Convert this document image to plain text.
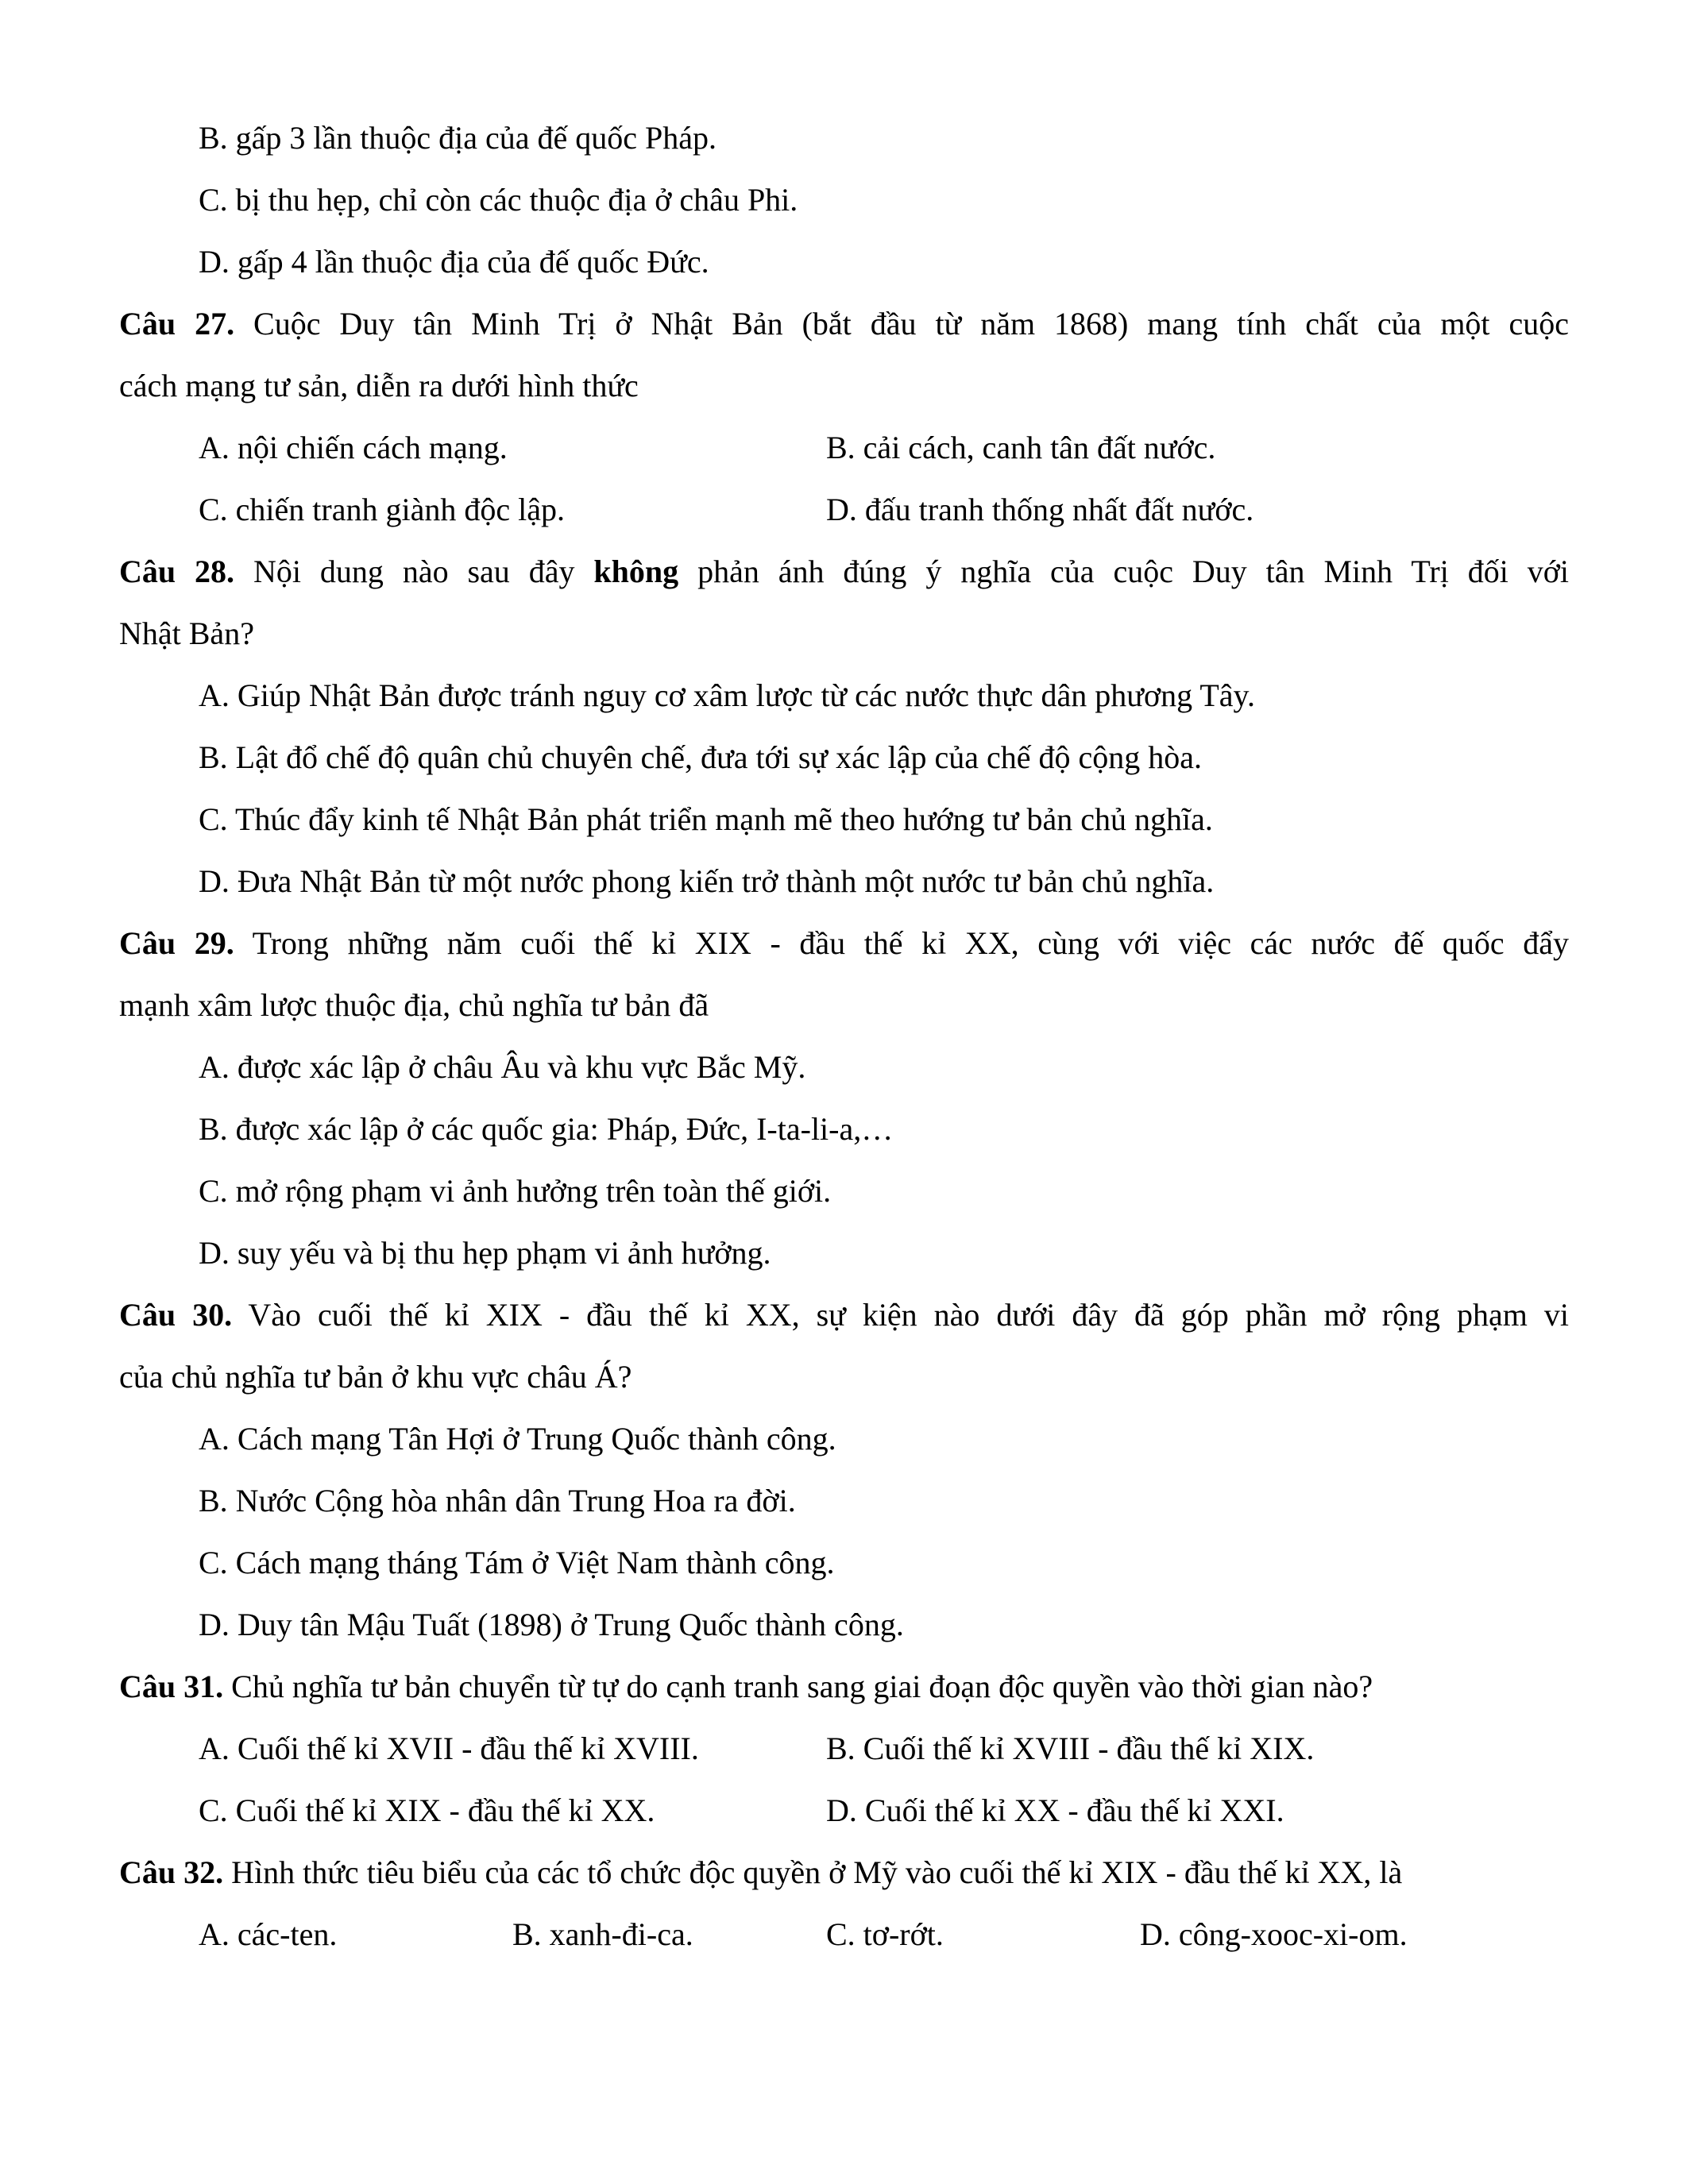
B. gấp 3 lần thuộc địa của đế quốc Pháp.
C. bị thu hẹp, chỉ còn các thuộc địa ở châu Phi.
D. gấp 4 lần thuộc địa của đế quốc Đức.
Câu 27. Cuộc Duy tân Minh Trị ở Nhật Bản (bắt đầu từ năm 1868) mang tính chất của một cuộc
cách mạng tư sản, diễn ra dưới hình thức
A. nội chiến cách mạng.	B. cải cách, canh tân đất nước.
C. chiến tranh giành độc lập.	D. đấu tranh thống nhất đất nước.
Câu 28. Nội dung nào sau đây không phản ánh đúng ý nghĩa của cuộc Duy tân Minh Trị đối với
Nhật Bản?
A. Giúp Nhật Bản được tránh nguy cơ xâm lược từ các nước thực dân phương Tây.
B. Lật đổ chế độ quân chủ chuyên chế, đưa tới sự xác lập của chế độ cộng hòa.
C. Thúc đẩy kinh tế Nhật Bản phát triển mạnh mẽ theo hướng tư bản chủ nghĩa.
D. Đưa Nhật Bản từ một nước phong kiến trở thành một nước tư bản chủ nghĩa.
Câu 29. Trong những năm cuối thế kỉ XIX - đầu thế kỉ XX, cùng với việc các nước đế quốc đẩy
mạnh xâm lược thuộc địa, chủ nghĩa tư bản đã
A. được xác lập ở châu Âu và khu vực Bắc Mỹ.
B. được xác lập ở các quốc gia: Pháp, Đức, I-ta-li-a,…
C. mở rộng phạm vi ảnh hưởng trên toàn thế giới.
D. suy yếu và bị thu hẹp phạm vi ảnh hưởng.
Câu 30. Vào cuối thế kỉ XIX - đầu thế kỉ XX, sự kiện nào dưới đây đã góp phần mở rộng phạm vi
của chủ nghĩa tư bản ở khu vực châu Á?
A. Cách mạng Tân Hợi ở Trung Quốc thành công.
B. Nước Cộng hòa nhân dân Trung Hoa ra đời.
C. Cách mạng tháng Tám ở Việt Nam thành công.
D. Duy tân Mậu Tuất (1898) ở Trung Quốc thành công.
Câu 31. Chủ nghĩa tư bản chuyển từ tự do cạnh tranh sang giai đoạn độc quyền vào thời gian nào?
A. Cuối thế kỉ XVII - đầu thế kỉ XVIII.	B. Cuối thế kỉ XVIII - đầu thế kỉ XIX.
C. Cuối thế kỉ XIX - đầu thế kỉ XX.	D. Cuối thế kỉ XX - đầu thế kỉ XXI.
Câu 32. Hình thức tiêu biểu của các tổ chức độc quyền ở Mỹ vào cuối thế kỉ XIX - đầu thế kỉ XX, là
A. các-ten.	B. xanh-đi-ca.	C. tơ-rớt.	D. công-xooc-xi-om.
